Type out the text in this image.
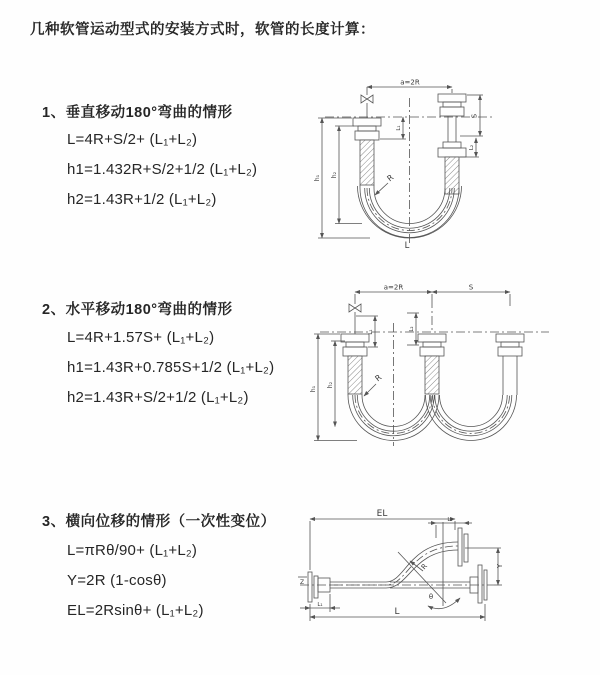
几种软管运动型式的安装方式时，软管的长度计算：
1、垂直移动180°弯曲的情形
L=4R+S/2+ (L₁+L₂)
h1=1.432R+S/2+1/2 (L₁+L₂)
h2=1.43R+1/2 (L₁+L₂)
2、水平移动180°弯曲的情形
L=4R+1.57S+ (L₁+L₂)
h1=1.43R+0.785S+1/2 (L₁+L₂)
h2=1.43R+S/2+1/2 (L₁+L₂)
3、横向位移的情形（一次性变位）
L=πRθ/90+ (L₁+L₂)
Y=2R (1-cosθ)
EL=2Rsinθ+ (L₁+L₂)
a=2R
S
L₂
h₁ h₂
L₁
R
L
a=2R	S
h₁
h₂
L₁
L₂
R
EL
L₂
Z
R
θ
Y
L₁
L
